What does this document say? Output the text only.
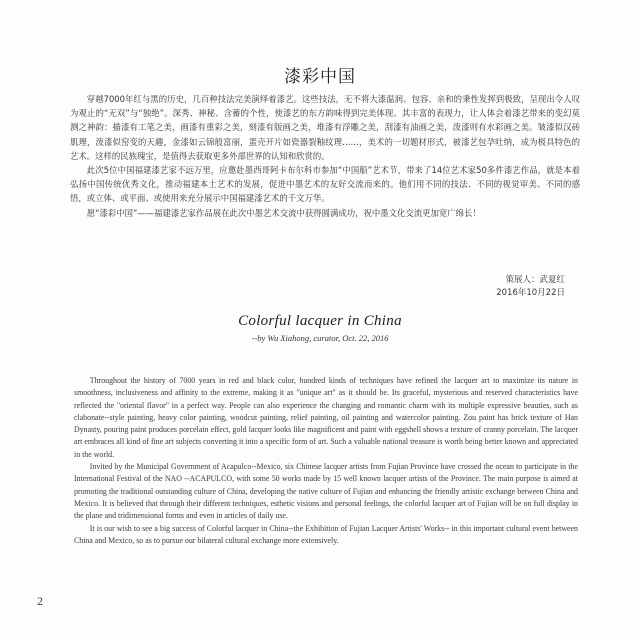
漆彩中国

穿越7000年红与黑的历史，几百种技法完美演绎着漆艺。这些技法，无不将大漆温润、包容、亲和的秉性发挥到极致，呈现出令人叹为观止的“无双”与“独绝”。深秀、神秘、含蓄的个性，使漆艺的东方韵味得到完美体现。其丰富的表现力，让人体会着漆艺带来的变幻莫测之神韵：描漆有工笔之美，画漆有重彩之美，刻漆有版画之美，堆漆有浮雕之美，刮漆有油画之美，泼漆则有水彩画之美。皱漆似汉砖肌理，泼漆似窑变的天趣，金漆如云锦般富丽，蛋壳开片如瓷器裂釉纹理……，美术的一切题材形式，被漆艺包孕吐纳，成为极具特色的艺术。这样的民族瑰宝，是值得去获取更多外部世界的认知和欣赏的。

此次5位中国福建漆艺家不远万里，应邀赴墨西哥阿卡布尔科市参加“中国船”艺术节，带来了14位艺术家50多件漆艺作品，就是本着弘扬中国传统优秀文化，推动福建本土艺术的发展，促进中墨艺术的友好交流而来的。他们用不同的技法、不同的视觉审美、不同的感悟，或立体、或平面、或使用来充分展示中国福建漆艺术的千文万华。

愿“漆彩中国”——福建漆艺家作品展在此次中墨艺术交流中获得圆满成功，祝中墨文化交流更加宽广绵长！

策展人：武夏红
2016年10月22日
Colorful lacquer in China
--by Wu Xiahong, curator, Oct. 22, 2016

Throughout the history of 7000 years in red and black color, hundred kinds of techniques have refined the lacquer art to maximize its nature in smoothness, inclusiveness and affinity to the extreme, making it as "unique art" as it should be. Its graceful, mysterious and reserved characteristics have reflected the "oriental flavor" in a perfect way. People can also experience the changing and romantic charm with its multiple expressive beauties, such as clabonate--style painting, heavy color painting, woodcut painting, relief painting, oil painting and watercolor painting. Zou paint has brick texture of Han Dynasty, pouring paint produces porcelain effect, gold lacquer looks like magnificent and paint with eggshell shows a texture of cranny porcelain. The lacquer art embraces all kind of fine art subjects converting it into a specific form of art. Such a valuable national treasure is worth being better known and appreciated in the world.

Invited by the Municipal Government of Acapulco--Mexico, six Chinese lacquer artists from Fujian Province have crossed the ocean to participate in the International Festival of the NAO --ACAPULCO, with some 50 works made by 15 well known lacquer artists of the Province. The main purpose is aimed at promoting the traditional outstanding culture of China, developing the native culture of Fujian and enhancing the friendly artistic exchange between China and Mexico. It is believed that through their different techniques, esthetic visions and personal feelings, the colorful lacquer art of Fujian will be on full display in the plane and tridimensional forms and even in articles of daily use.

It is our wish to see a big success of Colorful lacquer in China--the Exhibition of Fujian Lacquer Artists' Works-- in this important cultural event between China and Mexico, so as to pursue our bilateral cultural exchange more extensively.

2
